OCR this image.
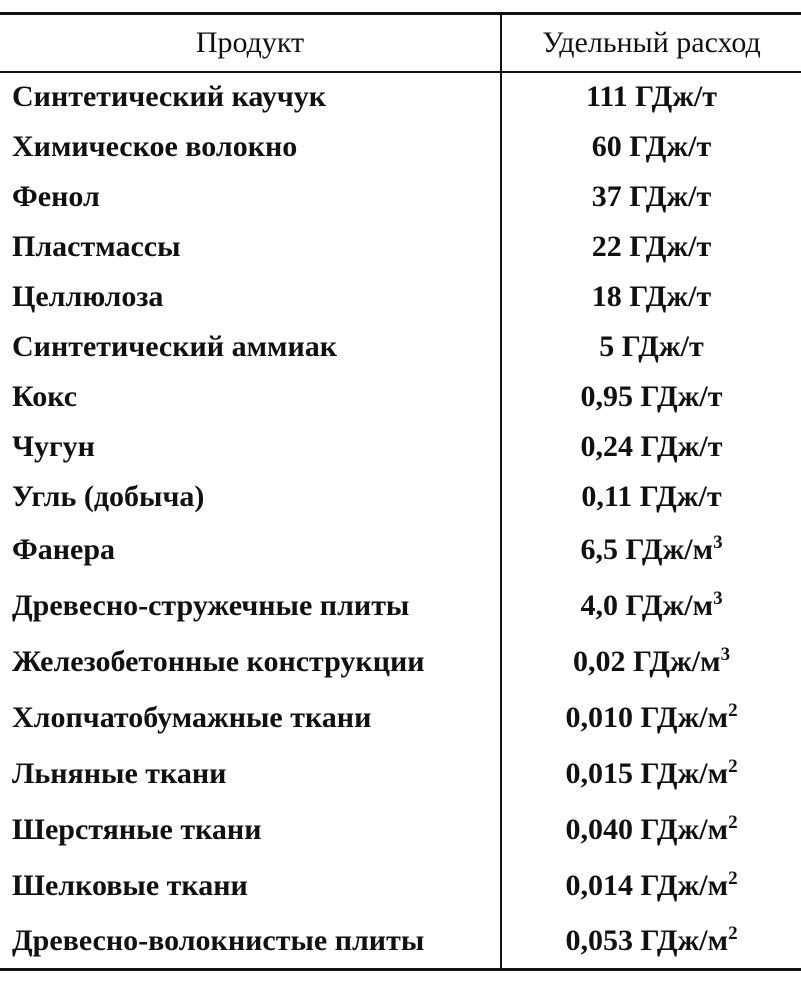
Продукт	Удельный расход
Синтетический каучук	111 ГДж/т
Химическое волокно	60 ГДж/т
Фенол	37 ГДж/т
Пластмассы	22 ГДж/т
Целлюлоза	18 ГДж/т
Синтетический аммиак	5 ГДж/т
Кокс	0,95 ГДж/т
Чугун	0,24 ГДж/т
Угль (добыча)	0,11 ГДж/т
Фанера	6,5 ГДж/$м^3$
Древесно-стружечные плиты	4,0 ГДж/$м^3$
Железобетонные конструкции	0,02 ГДж/$м^3$
Хлопчатобумажные ткани	0,010 ГДж/$м^2$
Льняные ткани	0,015 ГДж/$м^2$
Шерстяные ткани	0,040 ГДж/$м^2$
Шелковые ткани	0,014 ГДж/$м^2$
Древесно-волокнистые плиты	0,053 ГДж/$м^2$
